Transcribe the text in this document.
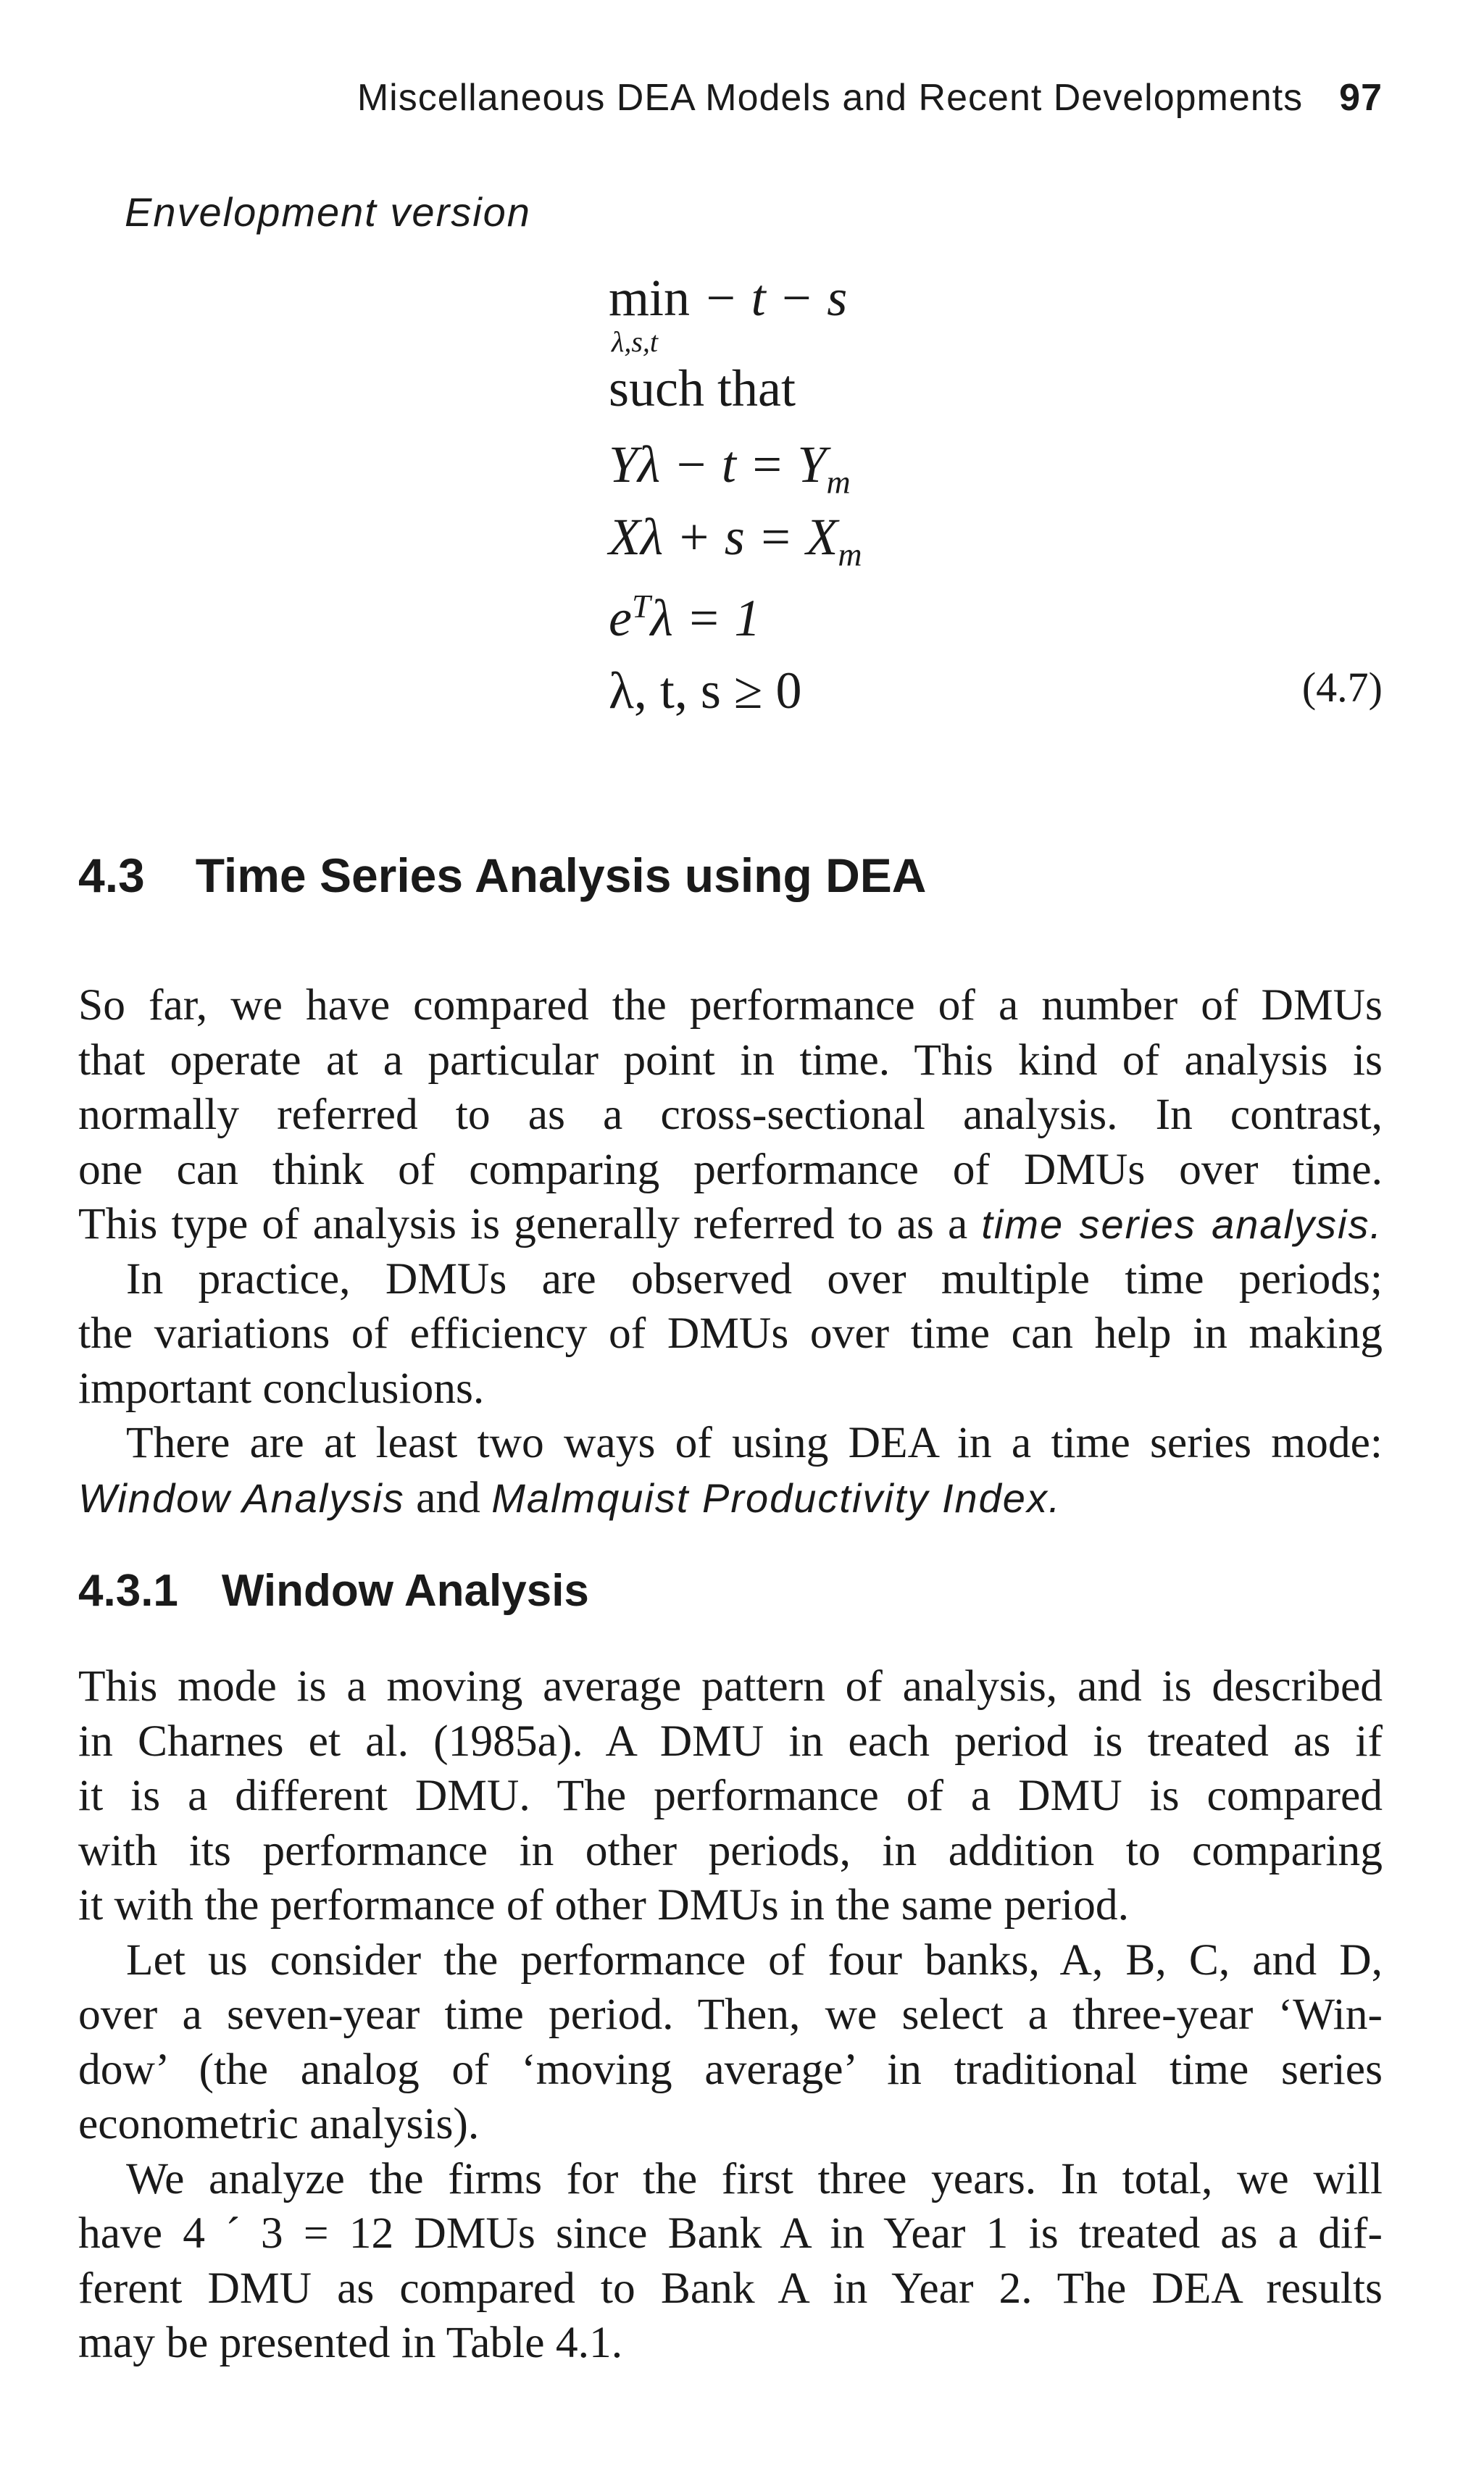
Miscellaneous DEA Models and Recent Developments 97
Envelopment version
min − t − s
λ,s,t
such that
$Y\lambda - t = Y_m$
$X\lambda + s = X_m$
$e^T\lambda = 1$
λ, t, s ≥ 0	(4.7)
4.3 Time Series Analysis using DEA
So far, we have compared the performance of a number of DMUs
that operate at a particular point in time. This kind of analysis is
normally referred to as a cross-sectional analysis. In contrast,
one can think of comparing performance of DMUs over time.
This type of analysis is generally referred to as a time series analysis.
In practice, DMUs are observed over multiple time periods;
the variations of efficiency of DMUs over time can help in making
important conclusions.
There are at least two ways of using DEA in a time series mode:
Window Analysis and Malmquist Productivity Index.
4.3.1 Window Analysis
This mode is a moving average pattern of analysis, and is described
in Charnes et al. (1985a). A DMU in each period is treated as if
it is a different DMU. The performance of a DMU is compared
with its performance in other periods, in addition to comparing
it with the performance of other DMUs in the same period.
Let us consider the performance of four banks, A, B, C, and D,
over a seven-year time period. Then, we select a three-year ‘Win-
dow’ (the analog of ‘moving average’ in traditional time series
econometric analysis).
We analyze the firms for the first three years. In total, we will
have 4 ´ 3 = 12 DMUs since Bank A in Year 1 is treated as a dif-
ferent DMU as compared to Bank A in Year 2. The DEA results
may be presented in Table 4.1.
